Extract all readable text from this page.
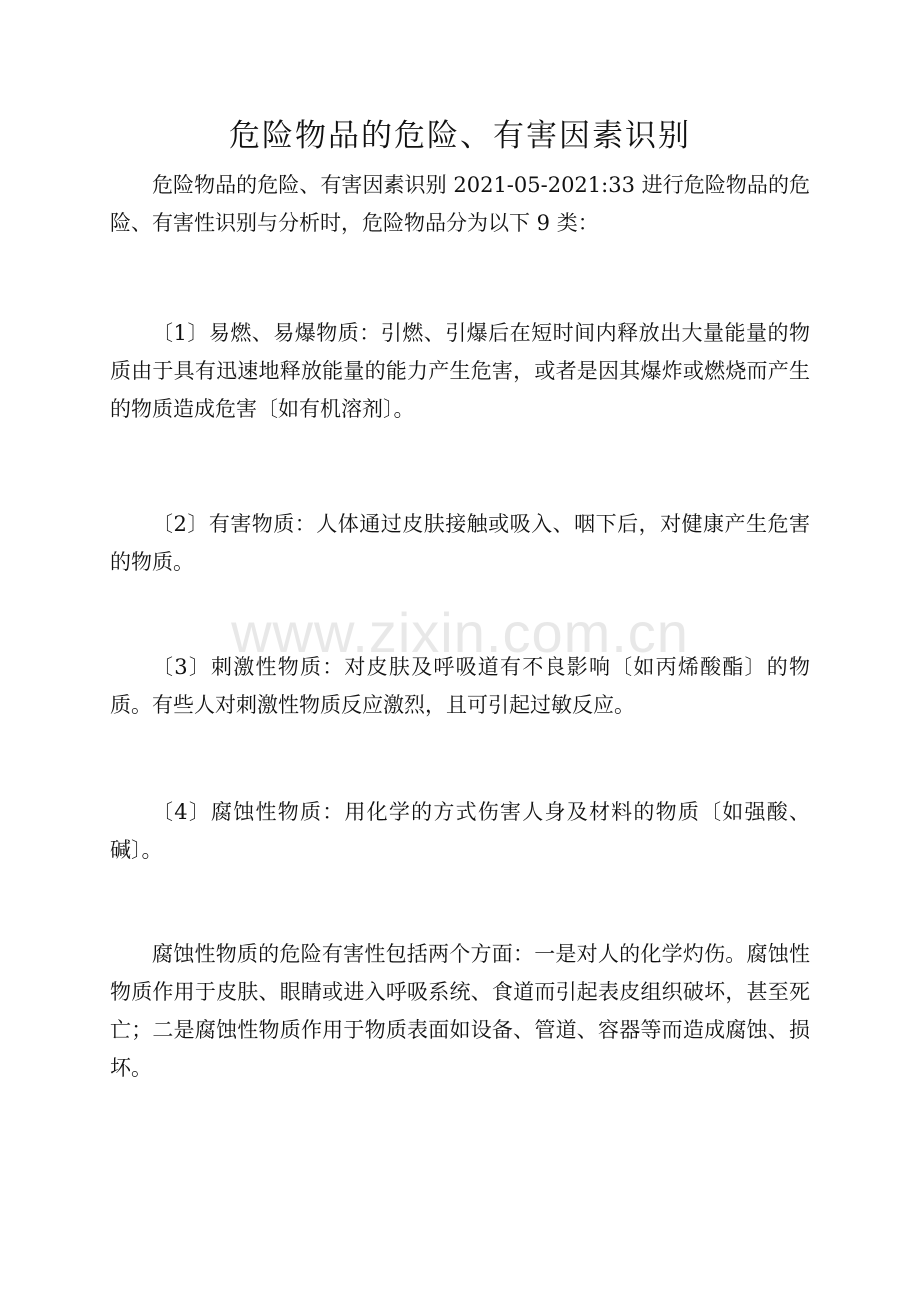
危险物品的危险、有害因素识别

危险物品的危险、有害因素识别 2021-05-2021:33 进行危险物品的危险、有害性识别与分析时，危险物品分为以下 9 类：

〔1〕易燃、易爆物质：引燃、引爆后在短时间内释放出大量能量的物质由于具有迅速地释放能量的能力产生危害，或者是因其爆炸或燃烧而产生的物质造成危害〔如有机溶剂〕。

〔2〕有害物质：人体通过皮肤接触或吸入、咽下后，对健康产生危害的物质。

〔3〕刺激性物质：对皮肤及呼吸道有不良影响〔如丙烯酸酯〕的物质。有些人对刺激性物质反应激烈，且可引起过敏反应。

〔4〕腐蚀性物质：用化学的方式伤害人身及材料的物质〔如强酸、碱〕。

腐蚀性物质的危险有害性包括两个方面：一是对人的化学灼伤。腐蚀性物质作用于皮肤、眼睛或进入呼吸系统、食道而引起表皮组织破坏，甚至死亡；二是腐蚀性物质作用于物质表面如设备、管道、容器等而造成腐蚀、损坏。

www.zixin.com.cn
